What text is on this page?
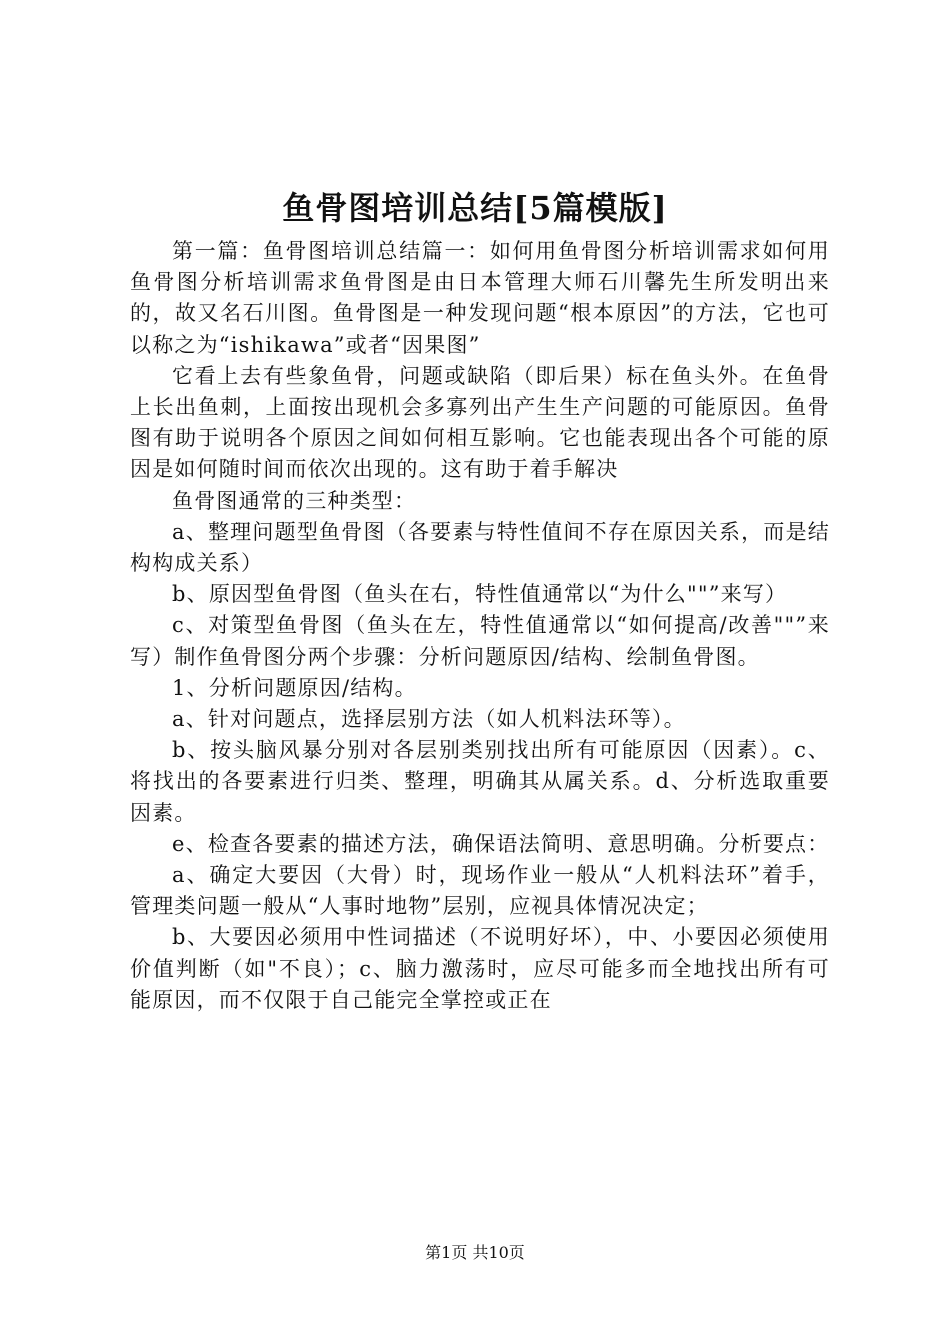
鱼骨图培训总结[5篇模版]

第一篇：鱼骨图培训总结篇一：如何用鱼骨图分析培训需求如何用鱼骨图分析培训需求鱼骨图是由日本管理大师石川馨先生所发明出来的，故又名石川图。鱼骨图是一种发现问题“根本原因”的方法，它也可以称之为“ishikawa”或者“因果图”

它看上去有些象鱼骨，问题或缺陷（即后果）标在鱼头外。在鱼骨上长出鱼刺，上面按出现机会多寡列出产生生产问题的可能原因。鱼骨图有助于说明各个原因之间如何相互影响。它也能表现出各个可能的原因是如何随时间而依次出现的。这有助于着手解决

鱼骨图通常的三种类型：

a、整理问题型鱼骨图（各要素与特性值间不存在原因关系，而是结构构成关系）

b、原因型鱼骨图（鱼头在右，特性值通常以“为什么""”来写）

c、对策型鱼骨图（鱼头在左，特性值通常以“如何提高/改善""”来写）制作鱼骨图分两个步骤：分析问题原因/结构、绘制鱼骨图。

1、分析问题原因/结构。

a、针对问题点，选择层别方法（如人机料法环等）。

b、按头脑风暴分别对各层别类别找出所有可能原因（因素）。c、将找出的各要素进行归类、整理，明确其从属关系。d、分析选取重要因素。

e、检查各要素的描述方法，确保语法简明、意思明确。分析要点：

a、确定大要因（大骨）时，现场作业一般从“人机料法环”着手，管理类问题一般从“人事时地物”层别，应视具体情况决定；

b、大要因必须用中性词描述（不说明好坏），中、小要因必须使用价值判断（如"不良）；c、脑力激荡时，应尽可能多而全地找出所有可能原因，而不仅限于自己能完全掌控或正在

第1页 共10页
